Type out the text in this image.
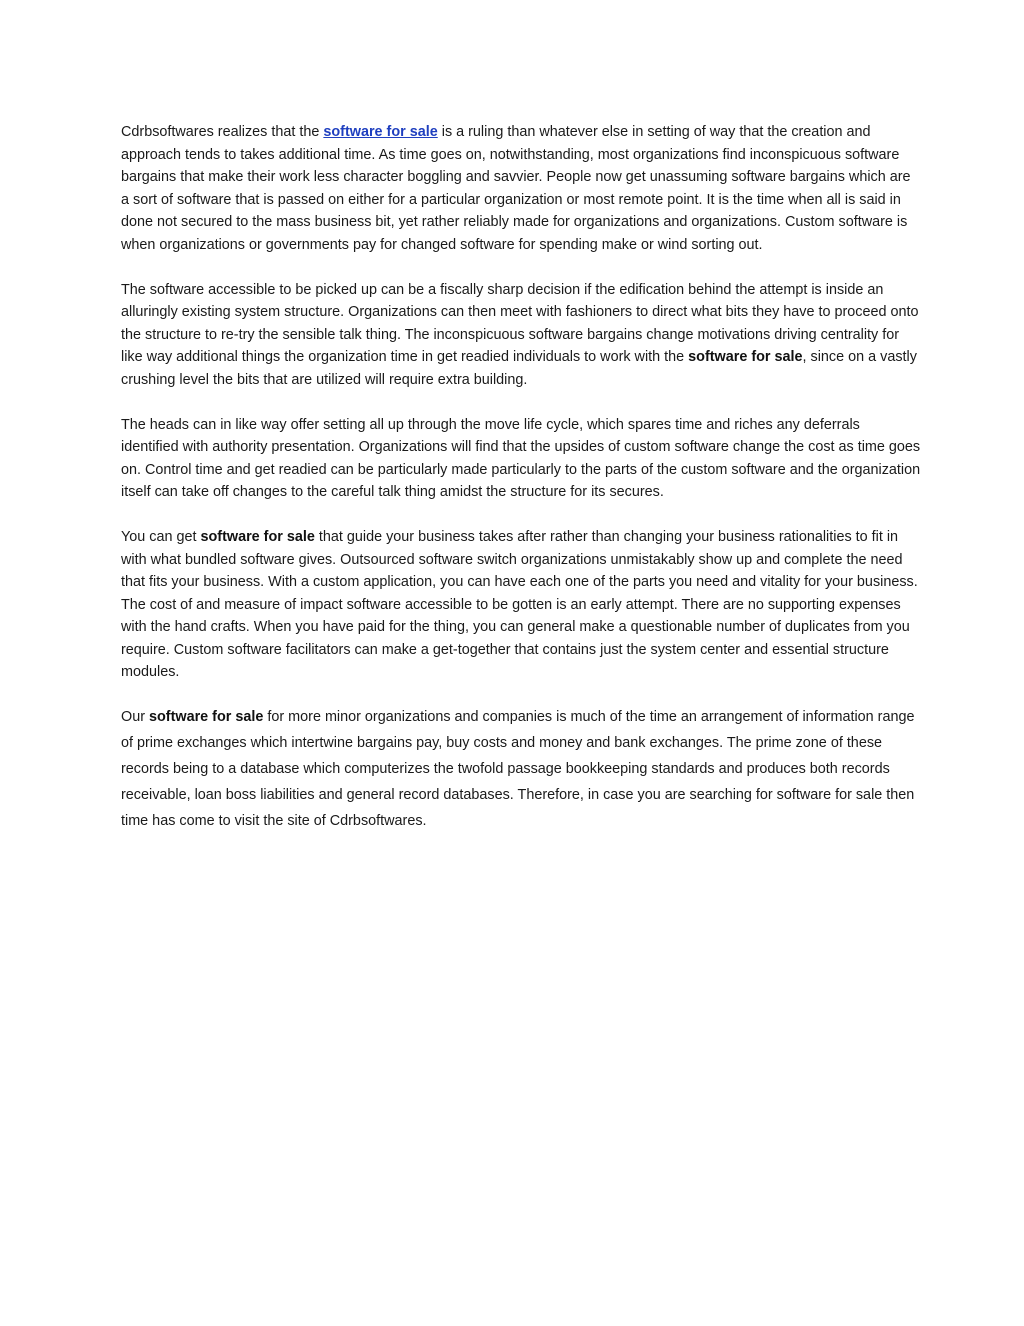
Cdrbsoftwares realizes that the software for sale is a ruling than whatever else in setting of way that the creation and approach tends to takes additional time. As time goes on, notwithstanding, most organizations find inconspicuous software bargains that make their work less character boggling and savvier. People now get unassuming software bargains which are a sort of software that is passed on either for a particular organization or most remote point. It is the time when all is said in done not secured to the mass business bit, yet rather reliably made for organizations and organizations. Custom software is when organizations or governments pay for changed software for spending make or wind sorting out.

The software accessible to be picked up can be a fiscally sharp decision if the edification behind the attempt is inside an alluringly existing system structure. Organizations can then meet with fashioners to direct what bits they have to proceed onto the structure to re-try the sensible talk thing. The inconspicuous software bargains change motivations driving centrality for like way additional things the organization time in get readied individuals to work with the software for sale, since on a vastly crushing level the bits that are utilized will require extra building.

The heads can in like way offer setting all up through the move life cycle, which spares time and riches any deferrals identified with authority presentation. Organizations will find that the upsides of custom software change the cost as time goes on. Control time and get readied can be particularly made particularly to the parts of the custom software and the organization itself can take off changes to the careful talk thing amidst the structure for its secures.

You can get software for sale that guide your business takes after rather than changing your business rationalities to fit in with what bundled software gives. Outsourced software switch organizations unmistakably show up and complete the need that fits your business. With a custom application, you can have each one of the parts you need and vitality for your business. The cost of and measure of impact software accessible to be gotten is an early attempt. There are no supporting expenses with the hand crafts. When you have paid for the thing, you can general make a questionable number of duplicates from you require. Custom software facilitators can make a get-together that contains just the system center and essential structure modules.

Our software for sale for more minor organizations and companies is much of the time an arrangement of information range of prime exchanges which intertwine bargains pay, buy costs and money and bank exchanges. The prime zone of these records being to a database which computerizes the twofold passage bookkeeping standards and produces both records receivable, loan boss liabilities and general record databases. Therefore, in case you are searching for software for sale then time has come to visit the site of Cdrbsoftwares.
